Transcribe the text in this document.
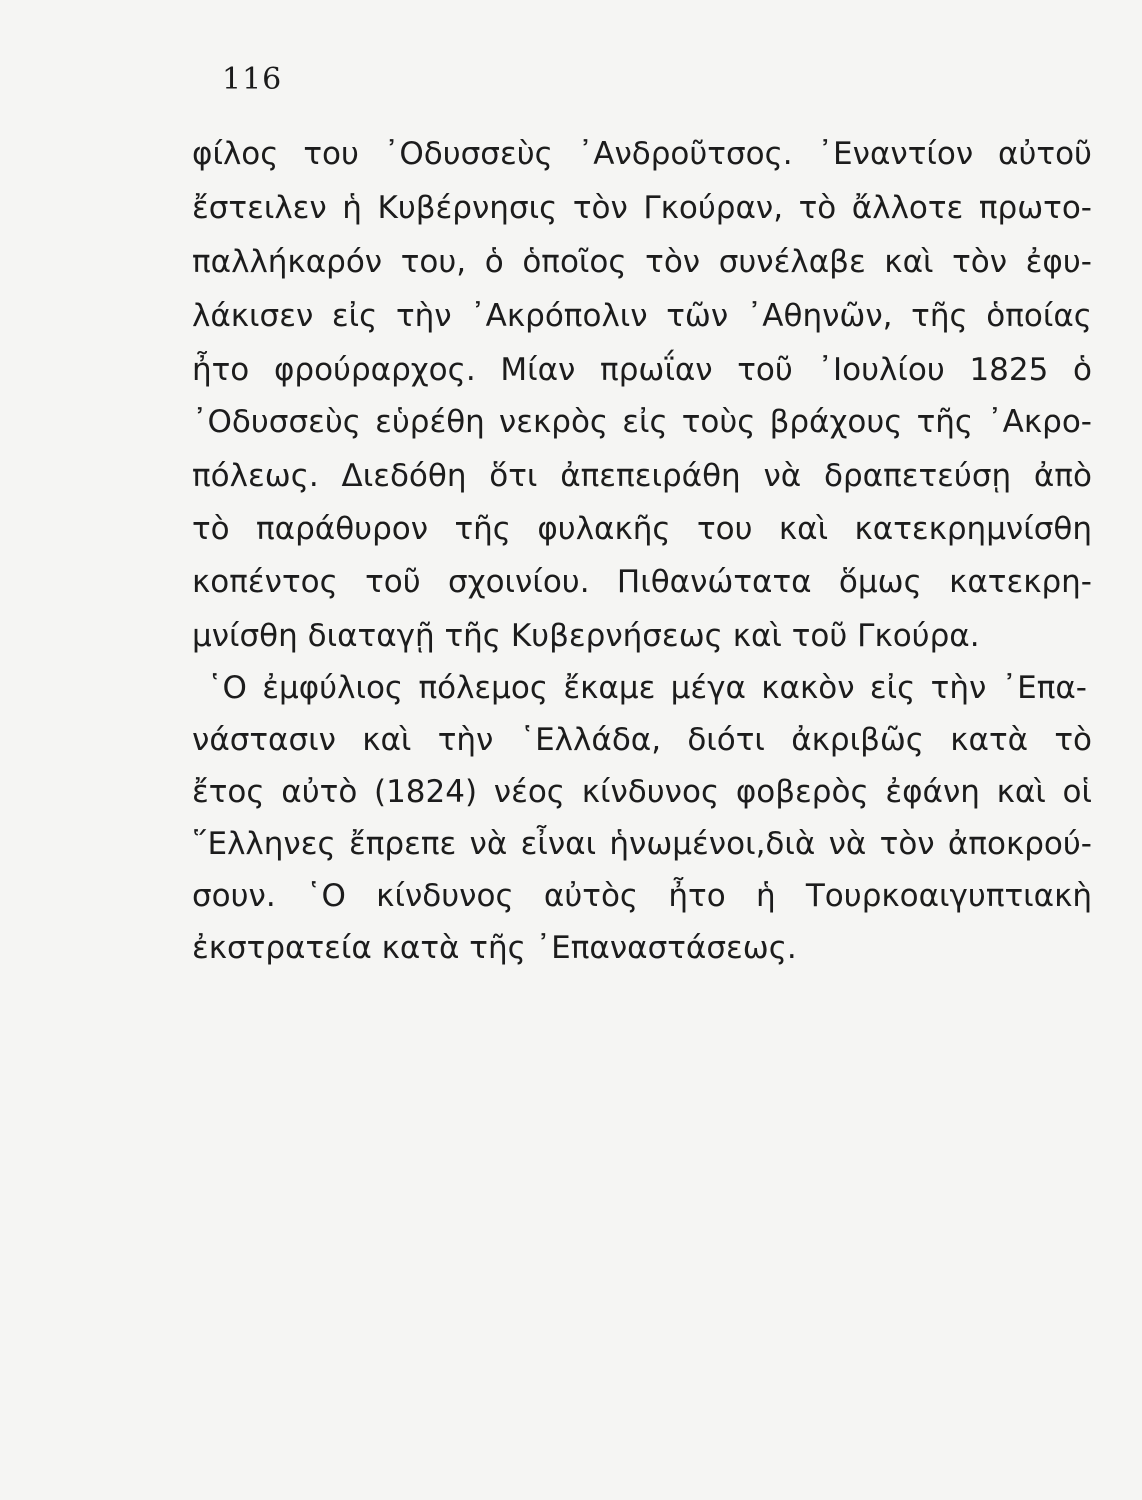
116
φίλος του ᾿Οδυσσεὺς ᾿Ανδροῦτσος. ᾿Εναντίον αὐτοῦ
ἔστειλεν ἡ Κυβέρνησις τὸν Γκούραν, τὸ ἄλλοτε πρωτο-
παλλήκαρόν του, ὁ ὁποῖος τὸν συνέλαβε καὶ τὸν ἐφυ-
λάκισεν εἰς τὴν ᾿Ακρόπολιν τῶν ᾿Αθηνῶν, τῆς ὁποίας
ἦτο φρούραρχος. Μίαν πρωΐαν τοῦ ᾿Ιουλίου 1825 ὁ
᾿Οδυσσεὺς εὑρέθη νεκρὸς εἰς τοὺς βράχους τῆς ᾿Ακρο-
πόλεως. Διεδόθη ὅτι ἀπεπειράθη νὰ δραπετεύσῃ ἀπὸ
τὸ παράθυρον τῆς φυλακῆς του καὶ κατεκρημνίσθη
κοπέντος τοῦ σχοινίου. Πιθανώτατα ὅμως κατεκρη-
μνίσθη διαταγῇ τῆς Κυβερνήσεως καὶ τοῦ Γκούρα.
῾Ο ἐμφύλιος πόλεμος ἔκαμε μέγα κακὸν εἰς τὴν ᾿Επα-
νάστασιν καὶ τὴν ῾Ελλάδα, διότι ἀκριβῶς κατὰ τὸ
ἔτος αὐτὸ (1824) νέος κίνδυνος φοβερὸς ἐφάνη καὶ οἱ
῞Ελληνες ἔπρεπε νὰ εἶναι ἡνωμένοι,διὰ νὰ τὸν ἀποκρού-
σουν. ῾Ο κίνδυνος αὐτὸς ἦτο ἡ Τουρκοαιγυπτιακὴ
ἐκστρατεία κατὰ τῆς ᾿Επαναστάσεως.
